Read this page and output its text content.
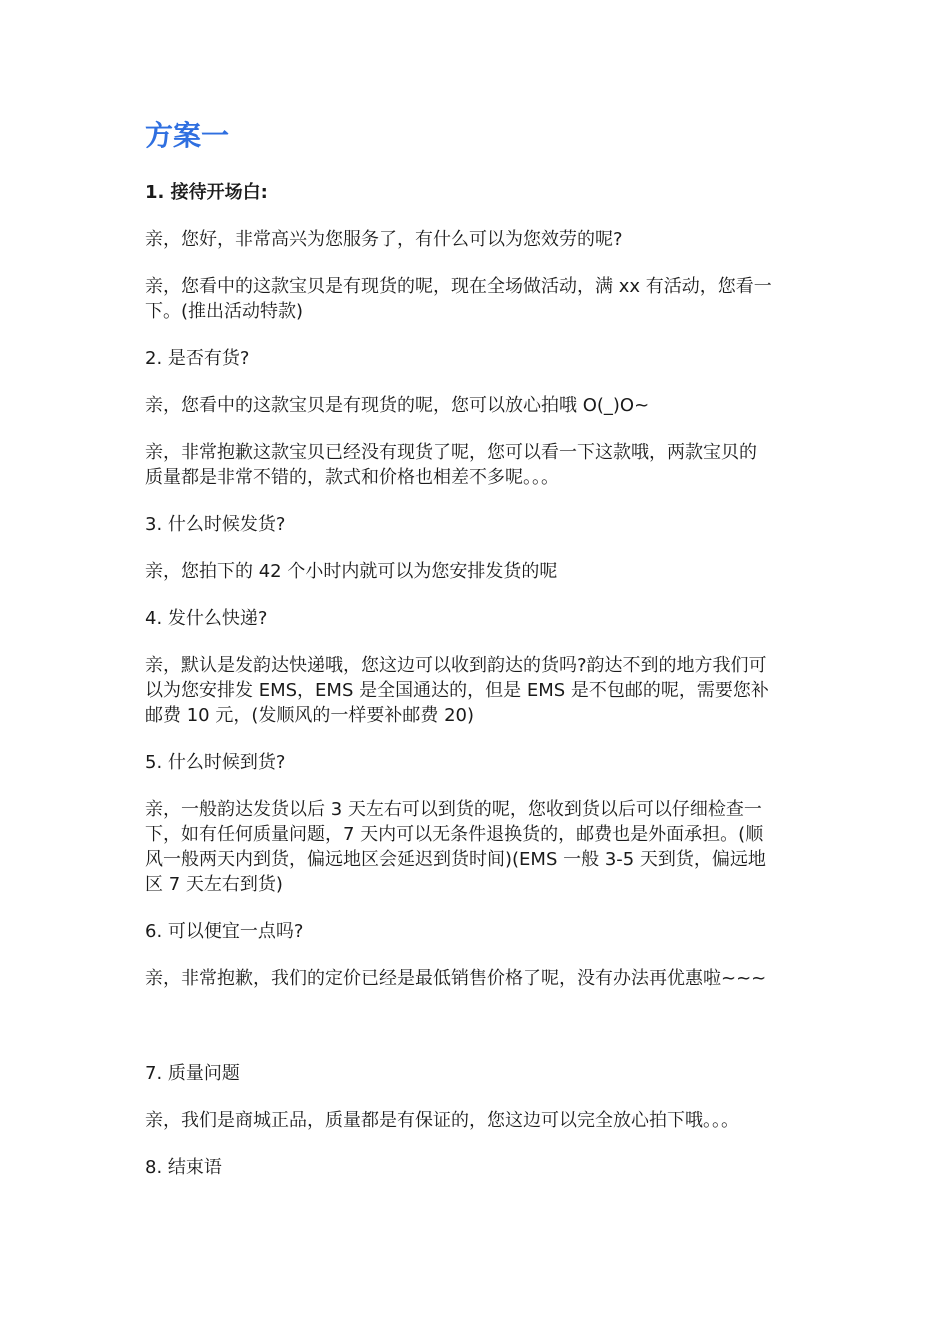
方案一

1. 接待开场白:

亲，您好，非常高兴为您服务了，有什么可以为您效劳的呢?

亲，您看中的这款宝贝是有现货的呢，现在全场做活动，满 xx 有活动，您看一

下。(推出活动特款)

2. 是否有货?

亲，您看中的这款宝贝是有现货的呢，您可以放心拍哦 O(_)O~

亲，非常抱歉这款宝贝已经没有现货了呢，您可以看一下这款哦，两款宝贝的

质量都是非常不错的，款式和价格也相差不多呢。。。

3. 什么时候发货?

亲，您拍下的 42 个小时内就可以为您安排发货的呢

4. 发什么快递?

亲，默认是发韵达快递哦，您这边可以收到韵达的货吗?韵达不到的地方我们可

以为您安排发 EMS，EMS 是全国通达的，但是 EMS 是不包邮的呢，需要您补

邮费 10 元，(发顺风的一样要补邮费 20)

5. 什么时候到货?

亲，一般韵达发货以后 3 天左右可以到货的呢，您收到货以后可以仔细检查一

下，如有任何质量问题，7 天内可以无条件退换货的，邮费也是外面承担。(顺

风一般两天内到货，偏远地区会延迟到货时间)(EMS 一般 3-5 天到货，偏远地

区 7 天左右到货)

6. 可以便宜一点吗?

亲，非常抱歉，我们的定价已经是最低销售价格了呢，没有办法再优惠啦~~~

7. 质量问题

亲，我们是商城正品，质量都是有保证的，您这边可以完全放心拍下哦。。。

8. 结束语
